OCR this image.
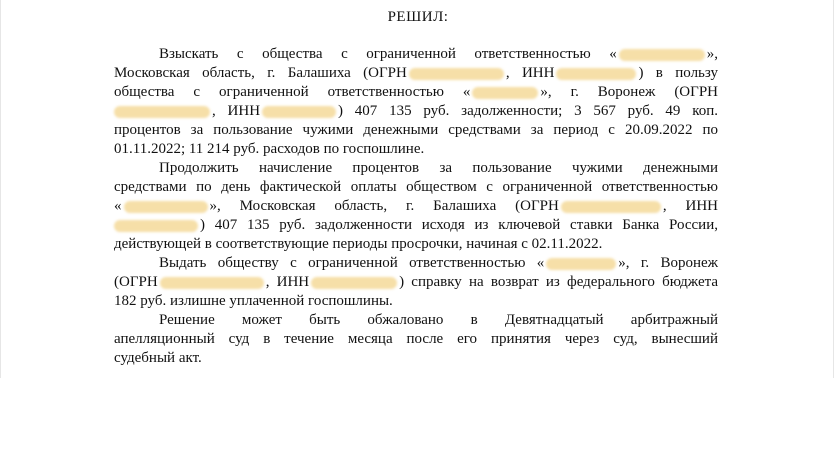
РЕШИЛ:
Взыскать с общества с ограниченной ответственностью «	»,
Московская область, г. Балашиха (ОГРН	, ИНН	) в пользу
общества с ограниченной ответственностью «	», г. Воронеж (ОГРН
, ИНН	) 407 135 руб. задолженности; 3 567 руб. 49 коп.
процентов за пользование чужими денежными средствами за период с 20.09.2022 по
01.11.2022; 11 214 руб. расходов по госпошлине.
Продолжить начисление процентов за пользование чужими денежными
средствами по день фактической оплаты обществом с ограниченной ответственностью
«	», Московская область, г. Балашиха (ОГРН	, ИНН
) 407 135 руб. задолженности исходя из ключевой ставки Банка России,
действующей в соответствующие периоды просрочки, начиная с 02.11.2022.
Выдать обществу с ограниченной ответственностью «	», г. Воронеж
(ОГРН	, ИНН	) справку на возврат из федерального бюджета
182 руб. излишне уплаченной госпошлины.
Решение может быть обжаловано в Девятнадцатый арбитражный
апелляционный суд в течение месяца после его принятия через суд, вынесший
судебный акт.
